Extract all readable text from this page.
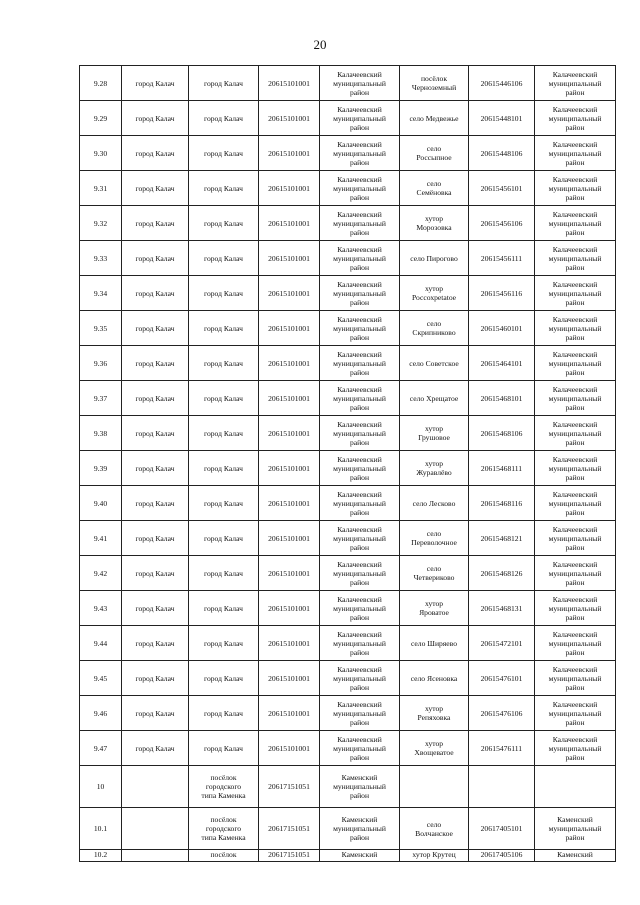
20
9.28	город Калач	город Калач	20615101001	Калачеевский
муниципальный
район	посёлок
Черноземный	20615446106	Калачеевский
муниципальный
район
9.29	город Калач	город Калач	20615101001	Калачеевский
муниципальный
район	село Медвежье	20615448101	Калачеевский
муниципальный
район
9.30	город Калач	город Калач	20615101001	Калачеевский
муниципальный
район	село
Россыпное	20615448106	Калачеевский
муниципальный
район
9.31	город Калач	город Калач	20615101001	Калачеевский
муниципальный
район	село
Семёновка	20615456101	Калачеевский
муниципальный
район
9.32	город Калач	город Калач	20615101001	Калачеевский
муниципальный
район	хутор
Морозовка	20615456106	Калачеевский
муниципальный
район
9.33	город Калач	город Калач	20615101001	Калачеевский
муниципальный
район	село Пирогово	20615456111	Калачеевский
муниципальный
район
9.34	город Калач	город Калач	20615101001	Калачеевский
муниципальный
район	хутор
Россохpetatoe	20615456116	Калачеевский
муниципальный
район
9.35	город Калач	город Калач	20615101001	Калачеевский
муниципальный
район	село
Скрипниково	20615460101	Калачеевский
муниципальный
район
9.36	город Калач	город Калач	20615101001	Калачеевский
муниципальный
район	село Советское	20615464101	Калачеевский
муниципальный
район
9.37	город Калач	город Калач	20615101001	Калачеевский
муниципальный
район	село Хрещатое	20615468101	Калачеевский
муниципальный
район
9.38	город Калач	город Калач	20615101001	Калачеевский
муниципальный
район	хутор
Грушовое	20615468106	Калачеевский
муниципальный
район
9.39	город Калач	город Калач	20615101001	Калачеевский
муниципальный
район	хутор
Журавлёво	20615468111	Калачеевский
муниципальный
район
9.40	город Калач	город Калач	20615101001	Калачеевский
муниципальный
район	село Лесково	20615468116	Калачеевский
муниципальный
район
9.41	город Калач	город Калач	20615101001	Калачеевский
муниципальный
район	село
Переволочное	20615468121	Калачеевский
муниципальный
район
9.42	город Калач	город Калач	20615101001	Калачеевский
муниципальный
район	село
Четвериково	20615468126	Калачеевский
муниципальный
район
9.43	город Калач	город Калач	20615101001	Калачеевский
муниципальный
район	хутор
Яроватое	20615468131	Калачеевский
муниципальный
район
9.44	город Калач	город Калач	20615101001	Калачеевский
муниципальный
район	село Ширяево	20615472101	Калачеевский
муниципальный
район
9.45	город Калач	город Калач	20615101001	Калачеевский
муниципальный
район	село Ясеновка	20615476101	Калачеевский
муниципальный
район
9.46	город Калач	город Калач	20615101001	Калачеевский
муниципальный
район	хутор
Репяховка	20615476106	Калачеевский
муниципальный
район
9.47	город Калач	город Калач	20615101001	Калачеевский
муниципальный
район	хутор
Хвощеватое	20615476111	Калачеевский
муниципальный
район
10		посёлок
городского
типа Каменка	20617151051	Каменский
муниципальный
район			
10.1		посёлок
городского
типа Каменка	20617151051	Каменский
муниципальный
район	село
Волчанское	20617405101	Каменский
муниципальный
район
10.2		посёлок	20617151051	Каменский	хутор Крутец	20617405106	Каменский
